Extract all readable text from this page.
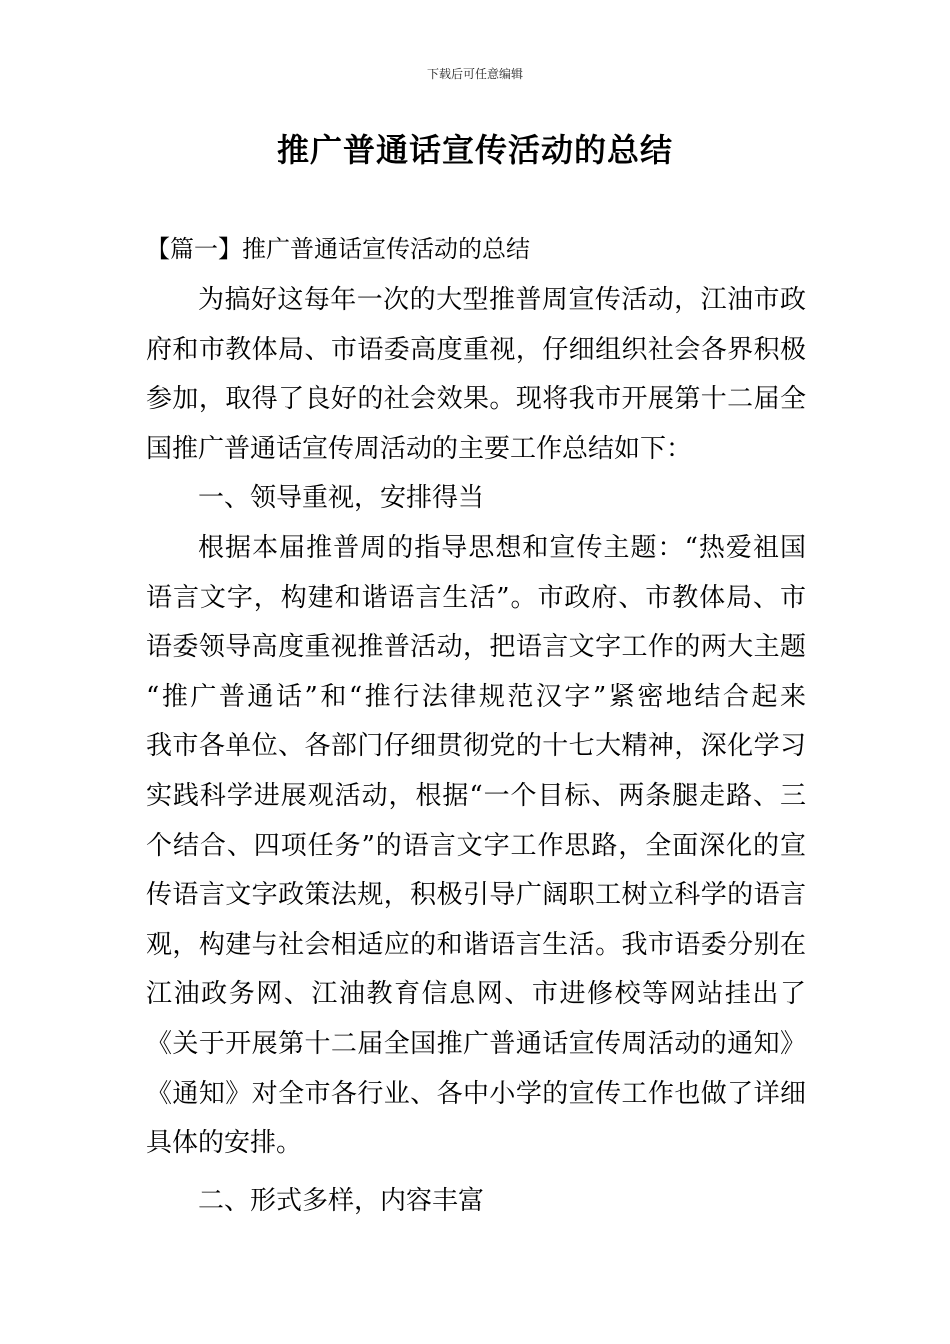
下载后可任意编辑
推广普通话宣传活动的总结
【篇一】推广普通话宣传活动的总结
为搞好这每年一次的大型推普周宣传活动，江油市政
府和市教体局、市语委高度重视，仔细组织社会各界积极
参加，取得了良好的社会效果。现将我市开展第十二届全
国推广普通话宣传周活动的主要工作总结如下：
一、领导重视，安排得当
根据本届推普周的指导思想和宣传主题：“热爱祖国
语言文字，构建和谐语言生活”。市政府、市教体局、市
语委领导高度重视推普活动，把语言文字工作的两大主题
“推广普通话”和“推行法律规范汉字”紧密地结合起来
我市各单位、各部门仔细贯彻党的十七大精神，深化学习
实践科学进展观活动，根据“一个目标、两条腿走路、三
个结合、四项任务”的语言文字工作思路，全面深化的宣
传语言文字政策法规，积极引导广阔职工树立科学的语言
观，构建与社会相适应的和谐语言生活。我市语委分别在
江油政务网、江油教育信息网、市进修校等网站挂出了
《关于开展第十二届全国推广普通话宣传周活动的通知》
《通知》对全市各行业、各中小学的宣传工作也做了详细
具体的安排。
二、形式多样，内容丰富
